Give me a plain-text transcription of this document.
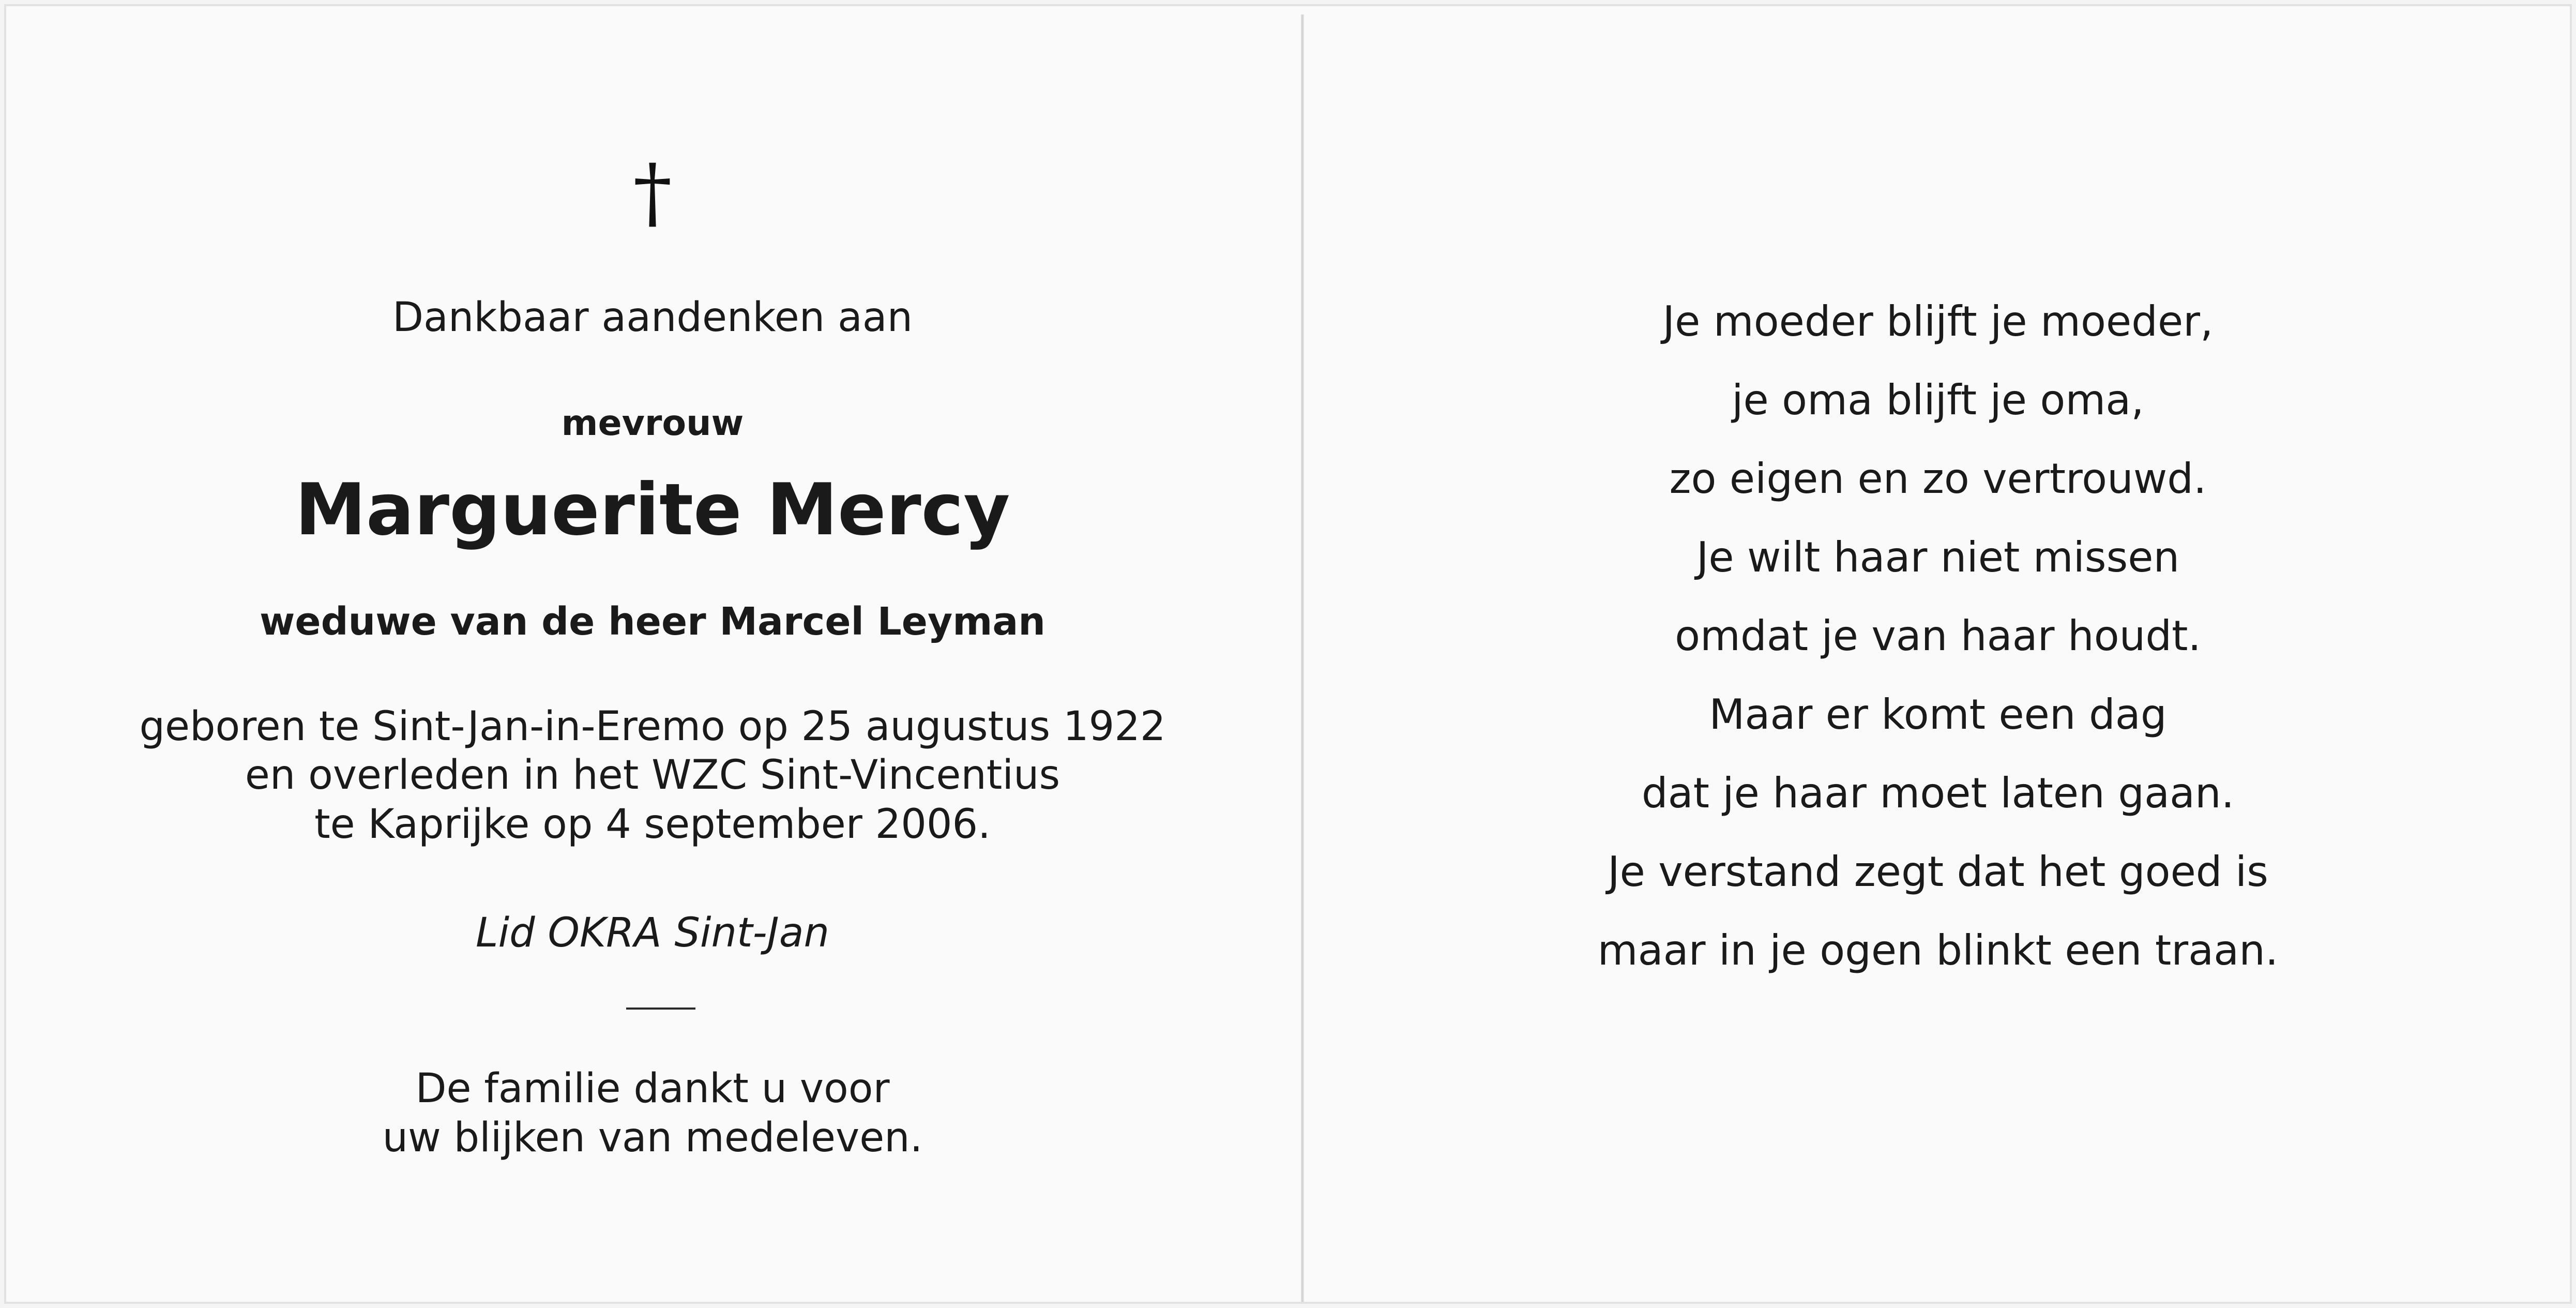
†
Dankbaar aandenken aan
mevrouw
Marguerite Mercy
weduwe van de heer Marcel Leyman
geboren te Sint-Jan-in-Eremo op 25 augustus 1922
en overleden in het WZC Sint-Vincentius
te Kaprijke op 4 september 2006.
Lid OKRA Sint-Jan
De familie dankt u voor
uw blijken van medeleven.
Je moeder blijft je moeder,
je oma blijft je oma,
zo eigen en zo vertrouwd.
Je wilt haar niet missen
omdat je van haar houdt.
Maar er komt een dag
dat je haar moet laten gaan.
Je verstand zegt dat het goed is
maar in je ogen blinkt een traan.
